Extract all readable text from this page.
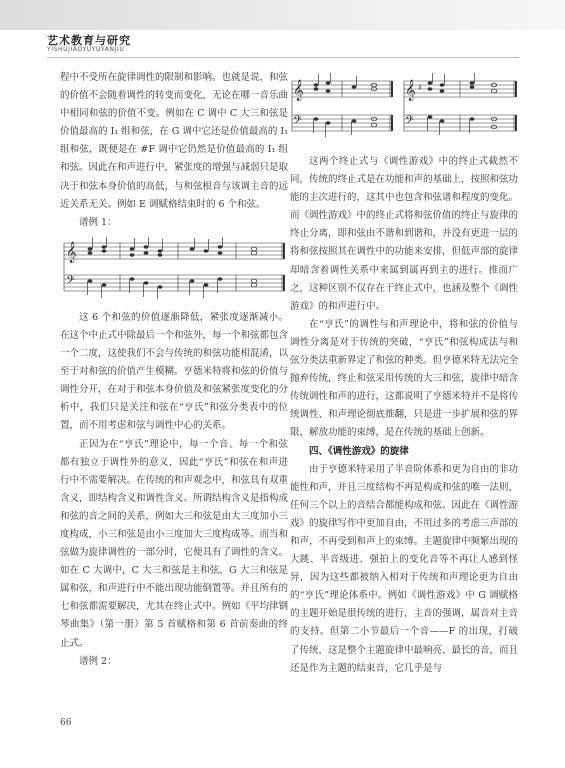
艺术教育与研究
YISHUJIAOYUYUYANJIU

程中不受所在旋律调性的限制和影响。也就是说，和弦的价值不会随着调性的转变而变化，无论在哪一音乐曲中相同和弦的价值不变。例如在 C 调中 C 大三和弦是价值最高的 I₁ 组和弦，在 G 调中它还是价值最高的 I₁ 组和弦，既便是在 #F 调中它仍然是价值最高的 I₁ 组和弦。因此在和声进行中，紧张度的增强与减弱只是取决于和弦本身价值的高低，与和弦根音与该调主音的远近关系无关。例如 E 调赋格结束时的 6 个和弦。

谱例 1：

𝄞
𝄢

这 6 个和弦的价值逐渐降低，紧张度逐渐减小。在这个中止式中除最后一个和弦外，每一个和弦都包含一个二度，这使我们不会与传统的和弦功能相混淆，以至于对和弦的价值产生模糊。亨德米特将和弦的价值与调性分开，在对于和弦本身价值及和弦紧张度变化的分析中，我们只是关注和弦在“亨氏”和弦分类表中的位置，而不用考虑和弦与调性中心的关系。

正因为在“亨氏”理论中，每一个音、每一个和弦都有独立于调性外的意义，因此“亨氏”和弦在和声进行中不需要解决。在传统的和声观念中，和弦具有双重含义，即结构含义和调性含义。所谓结构含义是指构成和弦的音之间的关系，例如大三和弦是由大三度加小三度构成，小三和弦是由小三度加大三度构成等。而当和弦做为旋律调性的一部分时，它便具有了调性的含义。如在 C 大调中，C 大三和弦是主和弦，G 大三和弦是属和弦，和声进行中不能出现功能倒置等。并且所有的七和弦都需要解决，尤其在终止式中。例如《平均律钢琴曲集》（第一册）第 5 首赋格和第 6 首前奏曲的终止式。

谱例 2：

𝄞
𝄢
𝄞
𝄢
♯

这两个终止式与《调性游戏》中的终止式截然不同，传统的终止式是在功能和声的基础上，按照和弦功能的主次进行的，这其中也包含和弦谱和程度的变化。而《调性游戏》中的终止式将和弦价值的终止与旋律的终止分离，即和弦由不谐和到谐和，并没有更进一层的将和弦按照其在调性中的功能来安排，但低声部的旋律却暗含着调性关系中来属到属再到主的进行。推而广之，这种区别不仅存在于终止式中，也涵及整个《调性游戏》的和声进行中。

在“亨氏”的调性与和声理论中，将和弦的价值与调性分离是对于传统的突破，“亨氏”和弦构成法与和弦分类法重新界定了和弦的种类。但亨德米特无法完全抛弃传统，终止和弦采用传统的大三和弦，旋律中暗含传统调性和声的进行，这都说明了亨德米特并不是将传统调性、和声理论彻底推翻，只是进一步扩展和弦的界限，解放功能的束缚，是在传统的基础上创新。

四、《调性游戏》的旋律

由于亨德米特采用了半音阶体系和更为自由的非功能性和声，并且三度结构不再是构成和弦的唯一法则，任何三个以上的音结合都能构成和弦。因此在《调性游戏》的旋律写作中更加自由，不用过多的考虑三声部的和声，不再受到和声上的束缚。主题旋律中频繁出现的大跳、半音级进、强拍上的变化音等不再让人感到怪异，因为这些都被纳入相对于传统和声理论更为自由的“亨氏”理论体系中。例如《调性游戏》中 G 调赋格的主题开始是很传统的进行，主音的强调，属音对主音的支持。但第二小节最后一个音——F 的出现，打破了传统，这是整个主题旋律中最响亮、最长的音，而且还是作为主题的结束音，它几乎是与

66
